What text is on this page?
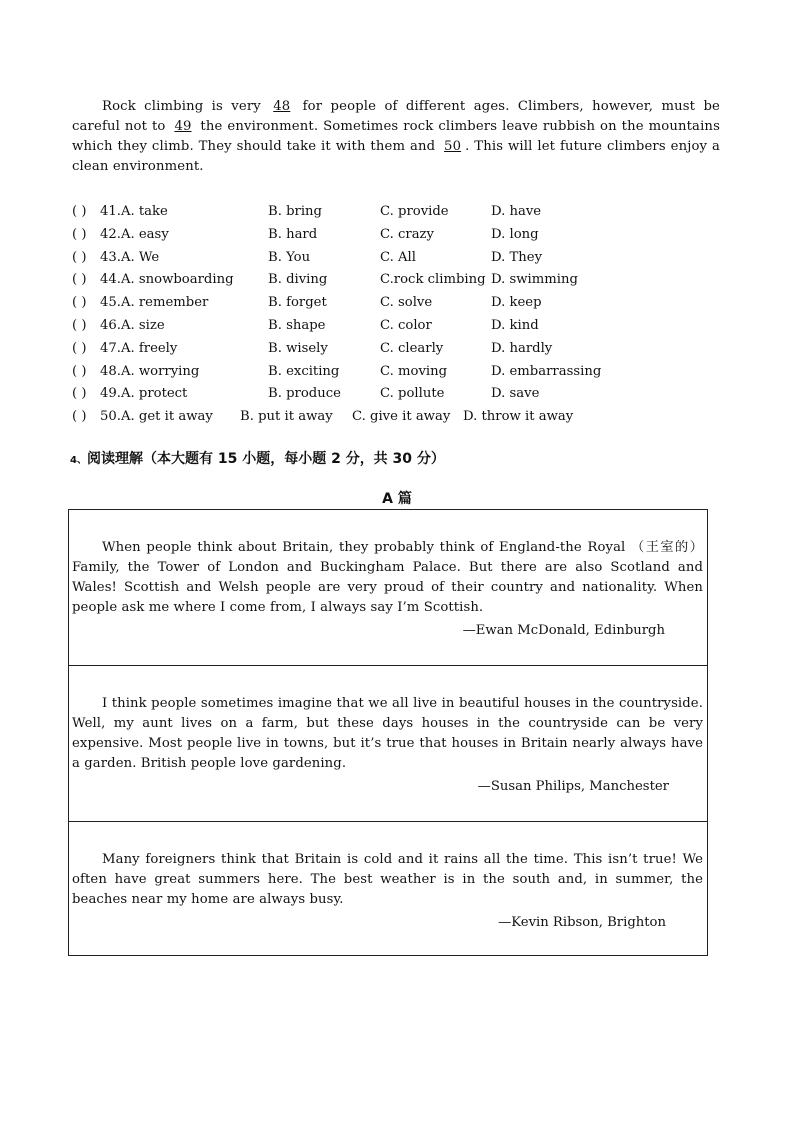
Rock climbing is very 48 for people of different ages. Climbers, however, must be careful not to 49 the environment. Sometimes rock climbers leave rubbish on the mountains which they climb. They should take it with them and 50 . This will let future climbers enjoy a clean environment.
( ) 41.A. take	B. bring	C. provide	D. have
( ) 42.A. easy	B. hard	C. crazy	D. long
( ) 43.A. We	B. You	C. All	D. They
( ) 44.A. snowboarding	B. diving	C.rock climbing D. swimming
( ) 45.A. remember	B. forget	C. solve	D. keep
( ) 46.A. size	B. shape	C. color	D. kind
( ) 47.A. freely	B. wisely	C. clearly	D. hardly
( ) 48.A. worrying	B. exciting	C. moving	D. embarrassing
( ) 49.A. protect	B. produce	C. pollute	D. save
( ) 50.A. get it away B. put it away C. give it away D. throw it away
4、阅读理解（本大题有 15 小题，每小题 2 分，共 30 分）
A 篇
When people think about Britain, they probably think of England-the Royal （王室的） Family, the Tower of London and Buckingham Palace. But there are also Scotland and Wales! Scottish and Welsh people are very proud of their country and nationality. When people ask me where I come from, I always say I’m Scottish.
—Ewan McDonald, Edinburgh
I think people sometimes imagine that we all live in beautiful houses in the countryside. Well, my aunt lives on a farm, but these days houses in the countryside can be very expensive. Most people live in towns, but it’s true that houses in Britain nearly always have a garden. British people love gardening.
—Susan Philips, Manchester
Many foreigners think that Britain is cold and it rains all the time. This isn’t true! We often have great summers here. The best weather is in the south and, in summer, the beaches near my home are always busy.
—Kevin Ribson, Brighton
